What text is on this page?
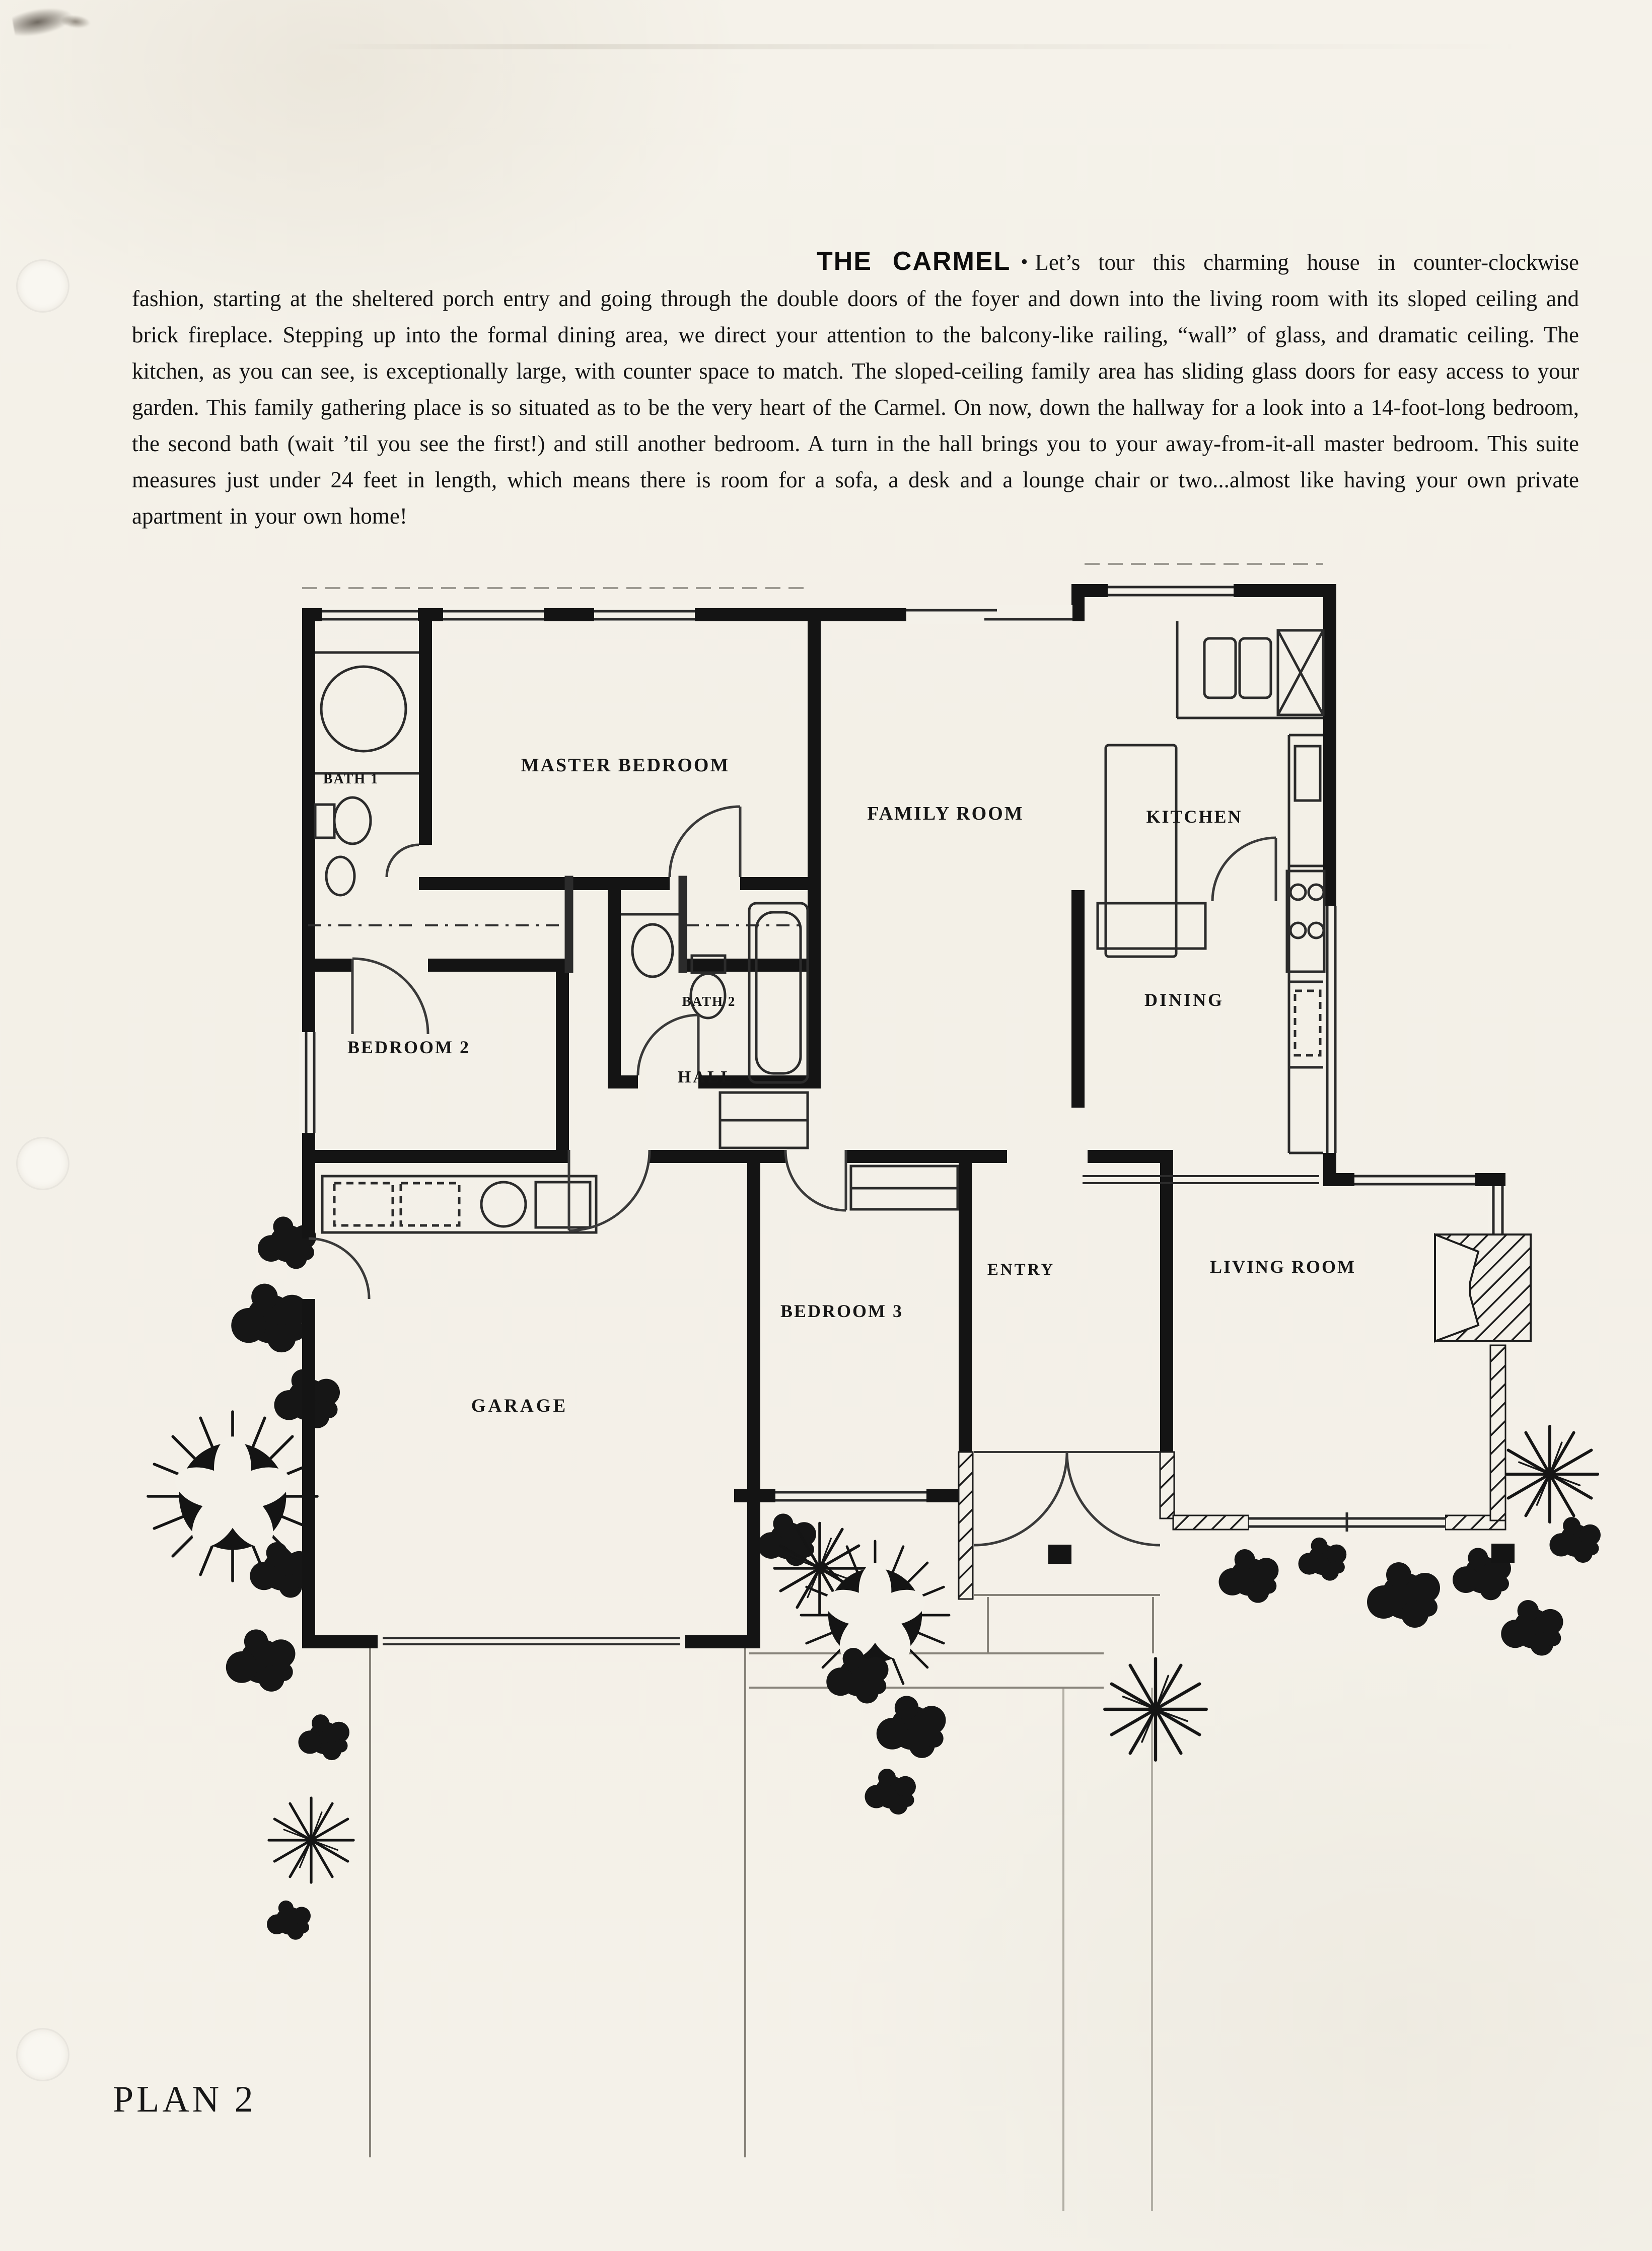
THE CARMEL • Let’s tour this charming house in counter-clockwise fashion, starting at the sheltered porch entry and going through the double doors of the foyer and down into the living room with its sloped ceiling and brick fireplace. Stepping up into the formal dining area, we direct your attention to the balcony-like railing, “wall” of glass, and dramatic ceiling. The kitchen, as you can see, is exceptionally large, with counter space to match. The sloped-ceiling family area has sliding glass doors for easy access to your garden. This family gathering place is so situated as to be the very heart of the Carmel. On now, down the hallway for a look into a 14-foot-long bedroom, the second bath (wait ’til you see the first!) and still another bedroom. A turn in the hall brings you to your away-from-it-all master bedroom. This suite measures just under 24 feet in length, which means there is room for a sofa, a desk and a lounge chair or two...almost like having your own private apartment in your own home!

BATH 1
MASTER BEDROOM
FAMILY ROOM	KITCHEN
DINING
BEDROOM 2
BATH 2
HALL
BEDROOM 3
ENTRY	LIVING ROOM
GARAGE
PLAN 2
